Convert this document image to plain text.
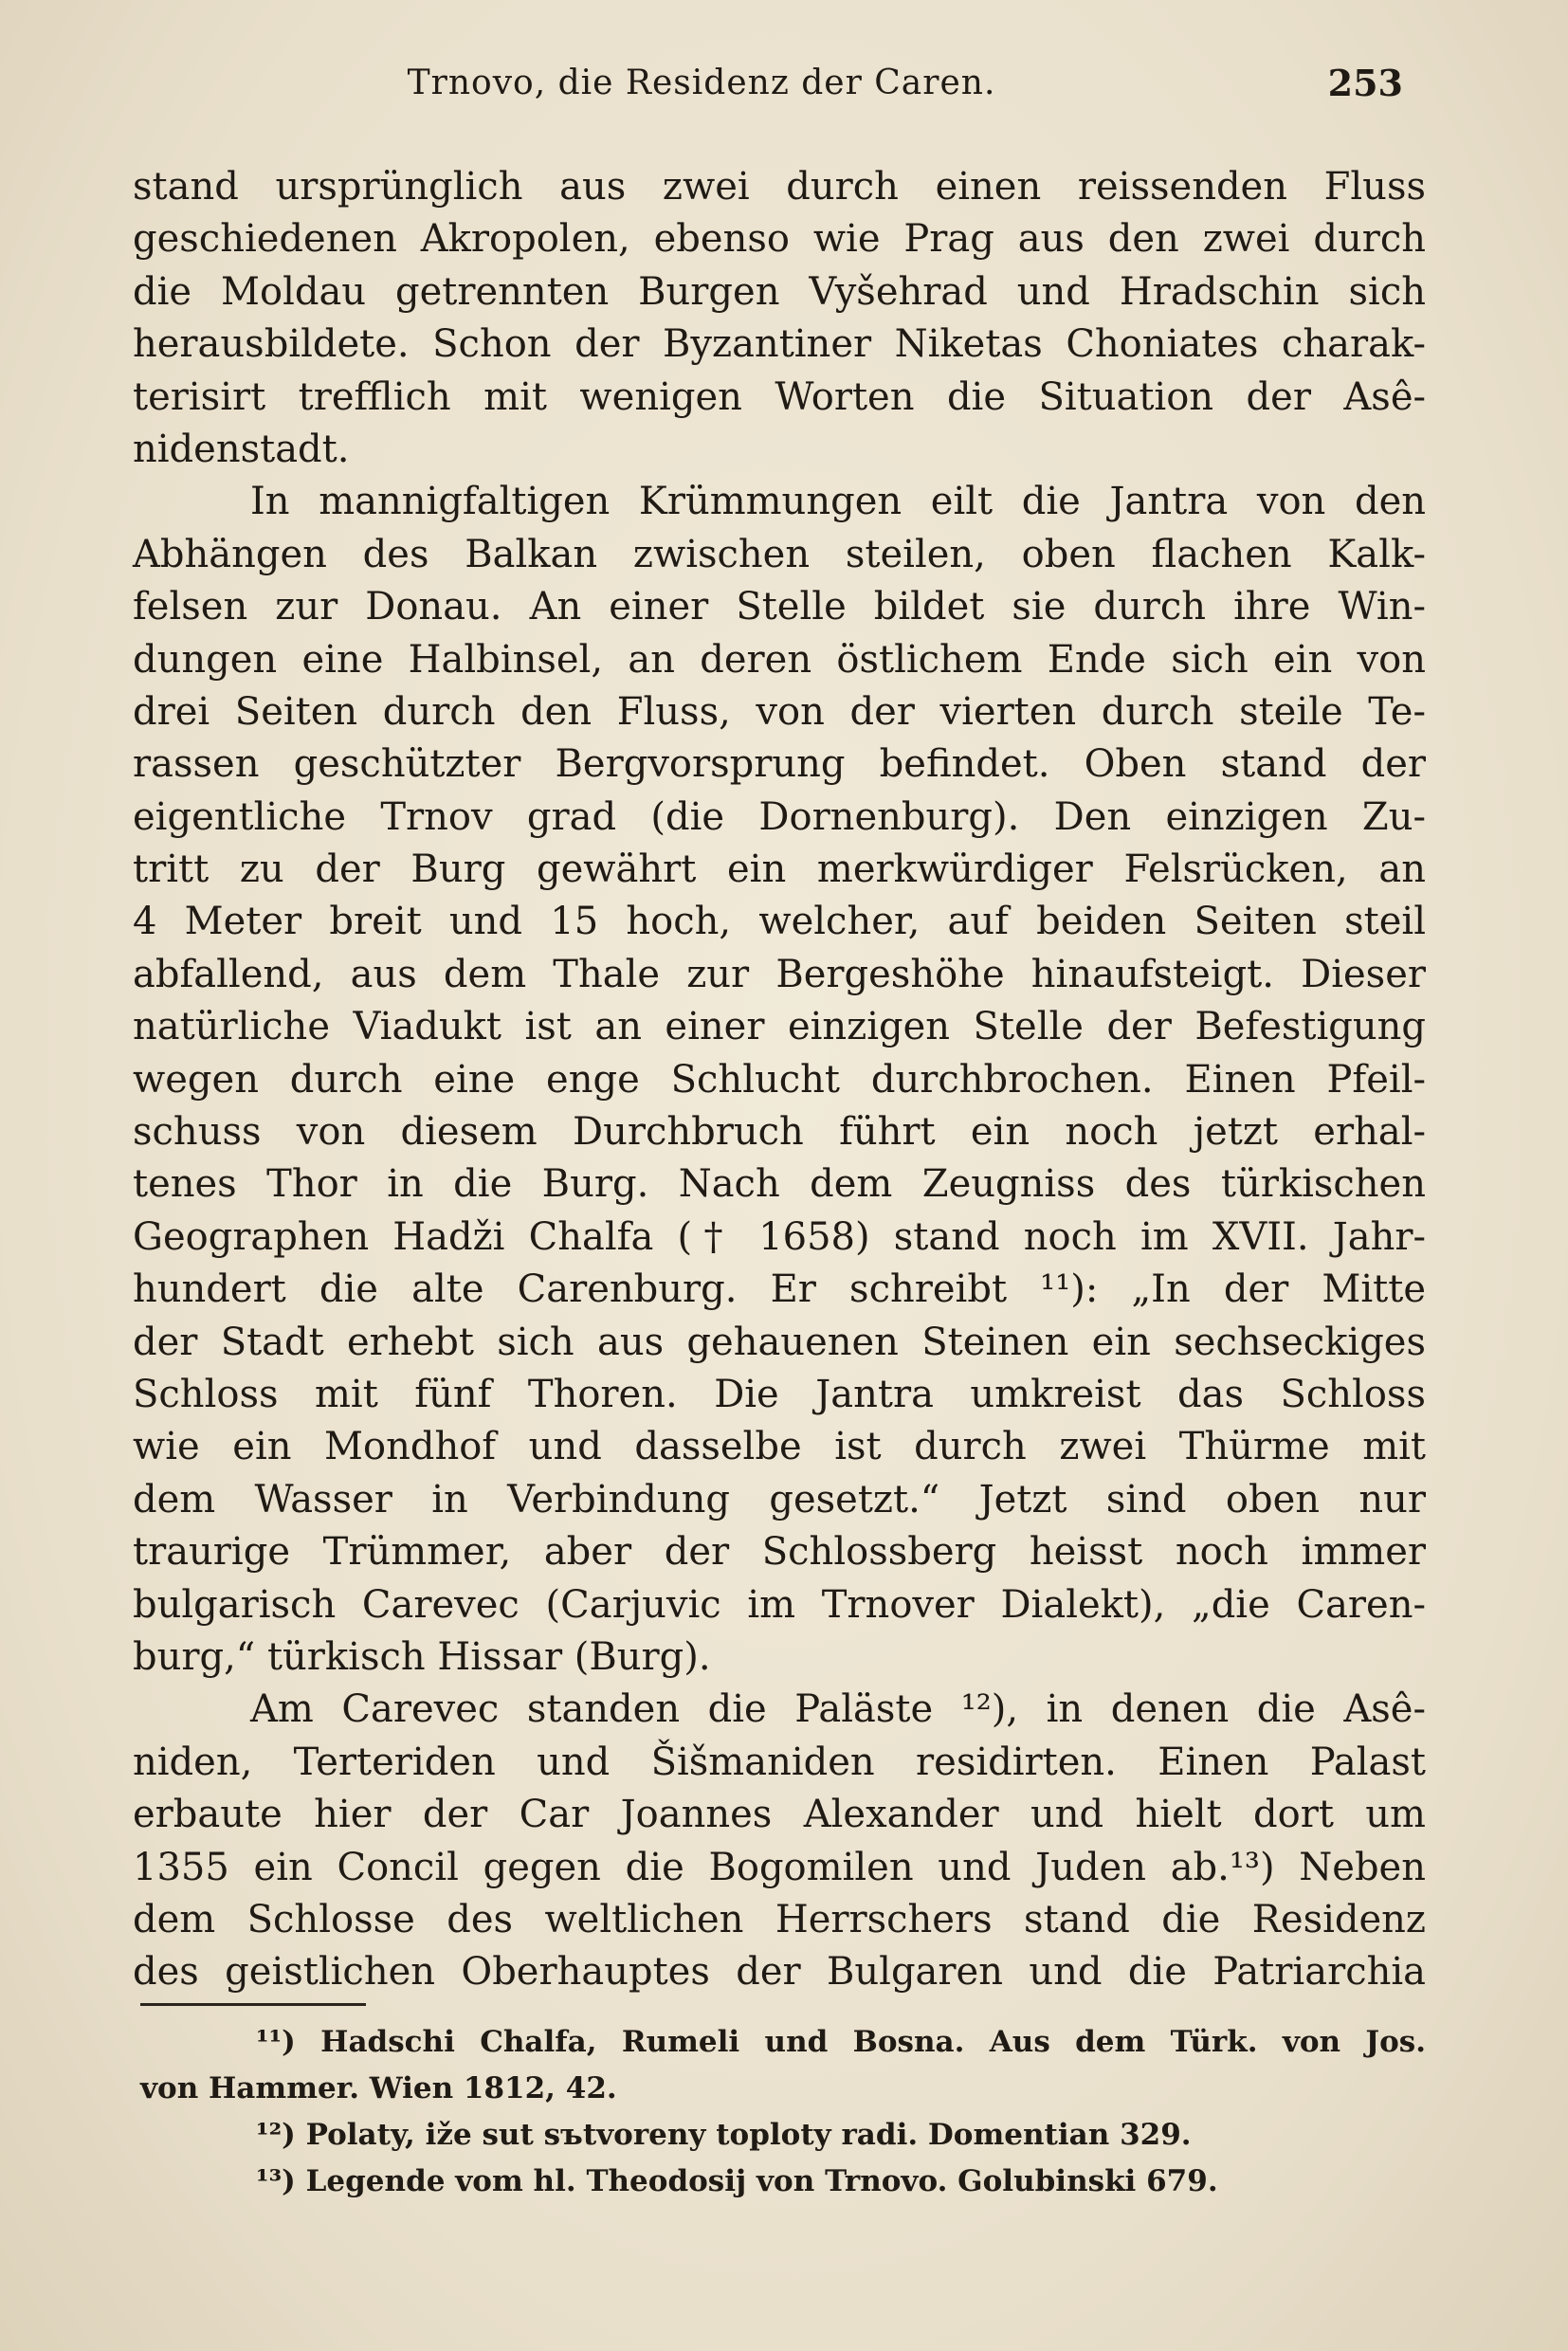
Trnovo, die Residenz der Caren.	253
stand ursprünglich aus zwei durch einen reissenden Fluss
geschiedenen Akropolen, ebenso wie Prag aus den zwei durch
die Moldau getrennten Burgen Vyšehrad und Hradschin sich
herausbildete. Schon der Byzantiner Niketas Choniates charak-
terisirt trefflich mit wenigen Worten die Situation der Asê-
nidenstadt.
In mannigfaltigen Krümmungen eilt die Jantra von den
Abhängen des Balkan zwischen steilen, oben flachen Kalk-
felsen zur Donau. An einer Stelle bildet sie durch ihre Win-
dungen eine Halbinsel, an deren östlichem Ende sich ein von
drei Seiten durch den Fluss, von der vierten durch steile Te-
rassen geschützter Bergvorsprung befindet. Oben stand der
eigentliche Trnov grad (die Dornenburg). Den einzigen Zu-
tritt zu der Burg gewährt ein merkwürdiger Felsrücken, an
4 Meter breit und 15 hoch, welcher, auf beiden Seiten steil
abfallend, aus dem Thale zur Bergeshöhe hinaufsteigt. Dieser
natürliche Viadukt ist an einer einzigen Stelle der Befestigung
wegen durch eine enge Schlucht durchbrochen. Einen Pfeil-
schuss von diesem Durchbruch führt ein noch jetzt erhal-
tenes Thor in die Burg. Nach dem Zeugniss des türkischen
Geographen Hadži Chalfa († 1658) stand noch im XVII. Jahr-
hundert die alte Carenburg. Er schreibt ¹¹): „In der Mitte
der Stadt erhebt sich aus gehauenen Steinen ein sechseckiges
Schloss mit fünf Thoren. Die Jantra umkreist das Schloss
wie ein Mondhof und dasselbe ist durch zwei Thürme mit
dem Wasser in Verbindung gesetzt.“ Jetzt sind oben nur
traurige Trümmer, aber der Schlossberg heisst noch immer
bulgarisch Carevec (Carjuvic im Trnover Dialekt), „die Caren-
burg,“ türkisch Hissar (Burg).
Am Carevec standen die Paläste ¹²), in denen die Asê-
niden, Terteriden und Šišmaniden residirten. Einen Palast
erbaute hier der Car Joannes Alexander und hielt dort um
1355 ein Concil gegen die Bogomilen und Juden ab.¹³) Neben
dem Schlosse des weltlichen Herrschers stand die Residenz
des geistlichen Oberhauptes der Bulgaren und die Patriarchia
¹¹) Hadschi Chalfa, Rumeli und Bosna. Aus dem Türk. von Jos.
von Hammer. Wien 1812, 42.
¹²) Polaty, iže sut sъtvoreny toploty radi. Domentian 329.
¹³) Legende vom hl. Theodosij von Trnovo. Golubinski 679.
